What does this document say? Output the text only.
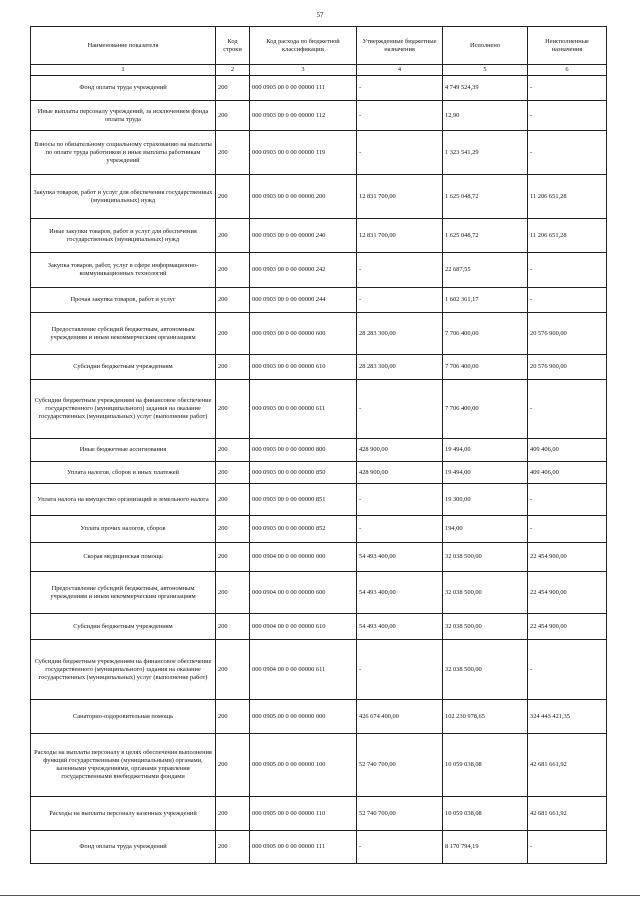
57
Наименование показателя	Код строки	Код расхода по бюджетной классификации	Утвержденные бюджетные назначения	Исполнено	Неисполненные назначения
1	2	3	4	5	6
Фонд оплаты труда учреждений	200	000 0903 00 0 00 00000 111	-	4 749 524,39	-
Иные выплаты персоналу учреждений, за исключением фонда оплаты труда	200	000 0903 00 0 00 00000 112	-	12,90	-
Взносы по обязательному социальному страхованию на выплаты по оплате труда работников и иные выплаты работникам учреждений	200	000 0903 00 0 00 00000 119	-	1 323 541,29	-
Закупка товаров, работ и услуг для обеспечения государственных (муниципальных) нужд	200	000 0903 00 0 00 00000 200	12 831 700,00	1 625 048,72	11 206 651,28
Иные закупки товаров, работ и услуг для обеспечения государственных (муниципальных) нужд	200	000 0903 00 0 00 00000 240	12 831 700,00	1 625 048,72	11 206 651,28
Закупка товаров, работ, услуг в сфере информационно-коммуникационных технологий	200	000 0903 00 0 00 00000 242	-	22 687,55	-
Прочая закупка товаров, работ и услуг	200	000 0903 00 0 00 00000 244	-	1 602 361,17	-
Предоставление субсидий бюджетным, автономным учреждениям и иным некоммерческим организациям	200	000 0903 00 0 00 00000 600	28 283 300,00	7 706 400,00	20 576 900,00
Субсидии бюджетным учреждениям	200	000 0903 00 0 00 00000 610	28 283 300,00	7 706 400,00	20 576 900,00
Субсидии бюджетным учреждениям на финансовое обеспечение государственного (муниципального) задания на оказание государственных (муниципальных) услуг (выполнение работ)	200	000 0903 00 0 00 00000 611	-	7 706 400,00	-
Иные бюджетные ассигнования	200	000 0903 00 0 00 00000 800	428 900,00	19 494,00	409 406,00
Уплата налогов, сборов и иных платежей	200	000 0903 00 0 00 00000 850	428 900,00	19 494,00	409 406,00
Уплата налога на имущество организаций и земельного налога	200	000 0903 00 0 00 00000 851	-	19 300,00	-
Уплата прочих налогов, сборов	200	000 0903 00 0 00 00000 852	-	194,00	-
Скорая медицинская помощь	200	000 0904 00 0 00 00000 000	54 493 400,00	32 038 500,00	22 454 900,00
Предоставление субсидий бюджетным, автономным учреждениям и иным некоммерческим организациям	200	000 0904 00 0 00 00000 600	54 493 400,00	32 038 500,00	22 454 900,00
Субсидии бюджетным учреждениям	200	000 0904 00 0 00 00000 610	54 493 400,00	32 038 500,00	22 454 900,00
Субсидии бюджетным учреждениям на финансовое обеспечение государственного (муниципального) задания на оказание государственных (муниципальных) услуг (выполнение работ)	200	000 0904 00 0 00 00000 611	-	32 038 500,00	-
Санаторно-оздоровительная помощь	200	000 0905 00 0 00 00000 000	426 674 400,00	102 230 978,65	324 443 421,35
Расходы на выплаты персоналу в целях обеспечения выполнения функций государственными (муниципальными) органами, казенными учреждениями, органами управления государственными внебюджетными фондами	200	000 0905 00 0 00 00000 100	52 740 700,00	10 059 038,08	42 681 661,92
Расходы на выплаты персоналу казенных учреждений	200	000 0905 00 0 00 00000 110	52 740 700,00	10 059 038,08	42 681 661,92
Фонд оплаты труда учреждений	200	000 0905 00 0 00 00000 111	-	8 170 794,19	-
